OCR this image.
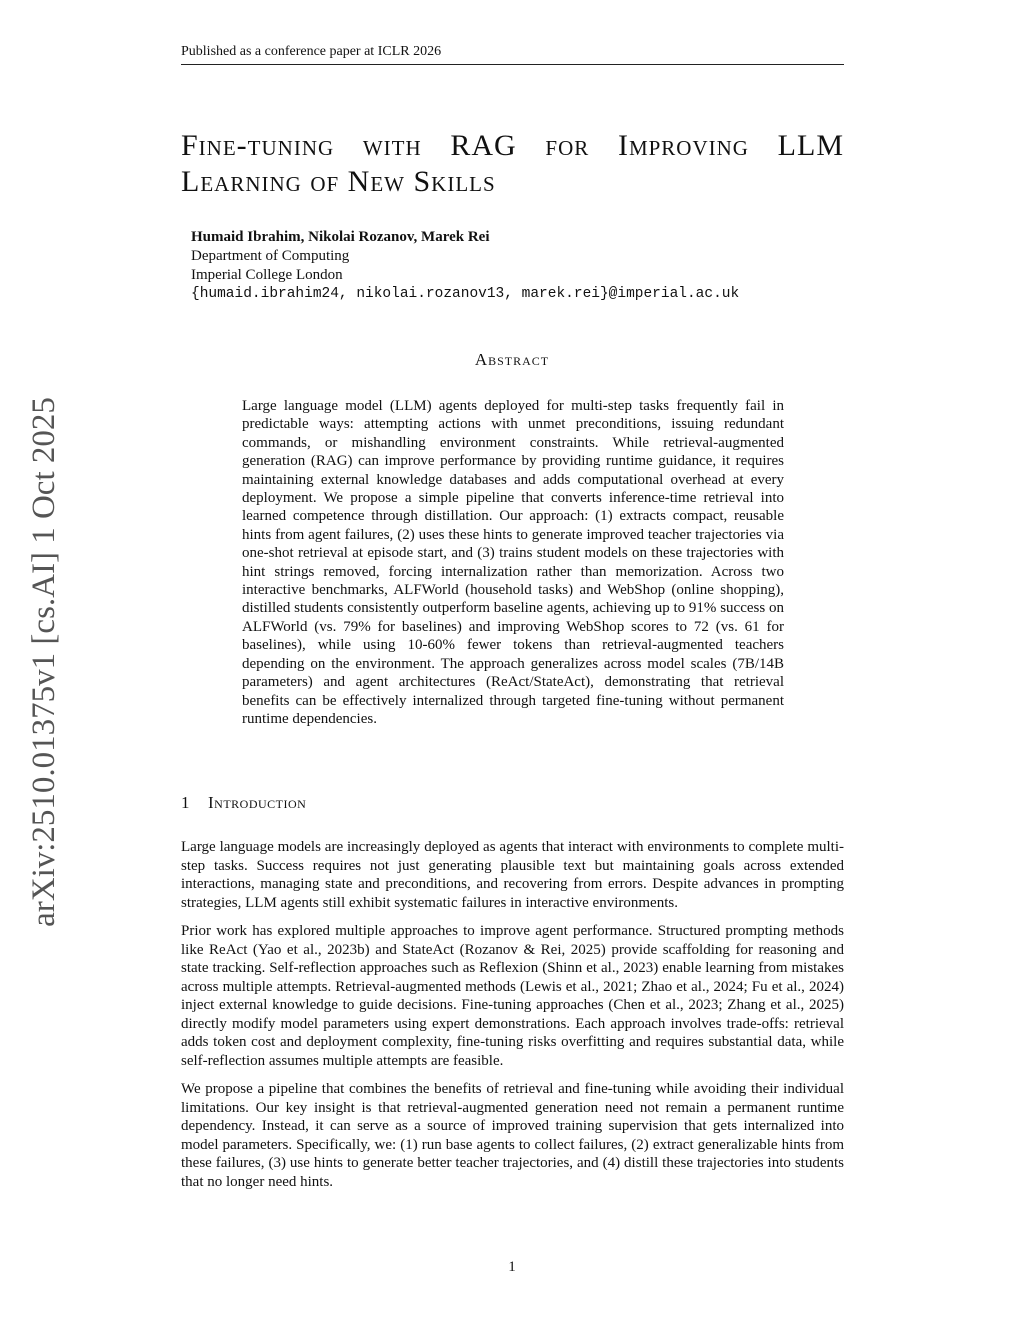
Published as a conference paper at ICLR 2026
arXiv:2510.01375v1 [cs.AI] 1 Oct 2025
Fine-tuning with RAG for Improving LLM
Learning of New Skills
Humaid Ibrahim, Nikolai Rozanov, Marek Rei
Department of Computing
Imperial College London
{humaid.ibrahim24, nikolai.rozanov13, marek.rei}@imperial.ac.uk
Abstract

Large language model (LLM) agents deployed for multi-step tasks frequently fail in predictable ways: attempting actions with unmet preconditions, issuing redundant commands, or mishandling environment constraints. While retrieval-augmented generation (RAG) can improve performance by providing runtime guidance, it requires maintaining external knowledge databases and adds computational overhead at every deployment. We propose a simple pipeline that converts inference-time retrieval into learned competence through distillation. Our approach: (1) extracts compact, reusable hints from agent failures, (2) uses these hints to generate improved teacher trajectories via one-shot retrieval at episode start, and (3) trains student models on these trajectories with hint strings removed, forcing internalization rather than memorization. Across two interactive benchmarks, ALFWorld (household tasks) and WebShop (online shopping), distilled students consistently outperform baseline agents, achieving up to 91% success on ALFWorld (vs. 79% for baselines) and improving WebShop scores to 72 (vs. 61 for baselines), while using 10-60% fewer tokens than retrieval-augmented teachers depending on the environment. The approach generalizes across model scales (7B/14B parameters) and agent architectures (ReAct/StateAct), demonstrating that retrieval benefits can be effectively internalized through targeted fine-tuning without permanent runtime dependencies.

1 Introduction

Large language models are increasingly deployed as agents that interact with environments to complete multi-step tasks. Success requires not just generating plausible text but maintaining goals across extended interactions, managing state and preconditions, and recovering from errors. Despite advances in prompting strategies, LLM agents still exhibit systematic failures in interactive environments.

Prior work has explored multiple approaches to improve agent performance. Structured prompting methods like ReAct (Yao et al., 2023b) and StateAct (Rozanov & Rei, 2025) provide scaffolding for reasoning and state tracking. Self-reflection approaches such as Reflexion (Shinn et al., 2023) enable learning from mistakes across multiple attempts. Retrieval-augmented methods (Lewis et al., 2021; Zhao et al., 2024; Fu et al., 2024) inject external knowledge to guide decisions. Fine-tuning approaches (Chen et al., 2023; Zhang et al., 2025) directly modify model parameters using expert demonstrations. Each approach involves trade-offs: retrieval adds token cost and deployment complexity, fine-tuning risks overfitting and requires substantial data, while self-reflection assumes multiple attempts are feasible.

We propose a pipeline that combines the benefits of retrieval and fine-tuning while avoiding their individual limitations. Our key insight is that retrieval-augmented generation need not remain a permanent runtime dependency. Instead, it can serve as a source of improved training supervision that gets internalized into model parameters. Specifically, we: (1) run base agents to collect failures, (2) extract generalizable hints from these failures, (3) use hints to generate better teacher trajectories, and (4) distill these trajectories into students that no longer need hints.

1
